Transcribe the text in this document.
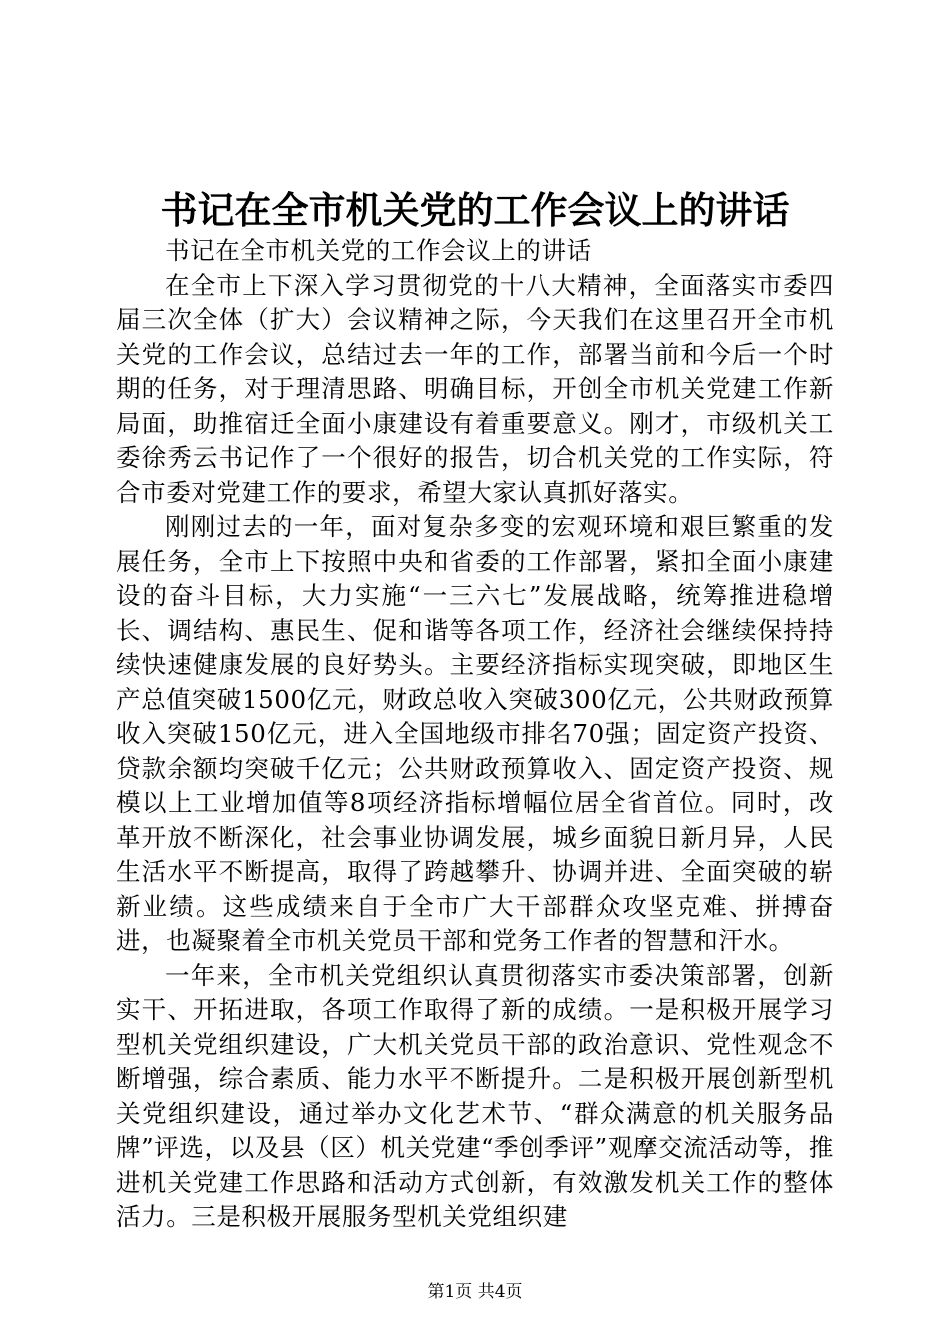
书记在全市机关党的工作会议上的讲话

书记在全市机关党的工作会议上的讲话

在全市上下深入学习贯彻党的十八大精神，全面落实市委四届三次全体（扩大）会议精神之际，今天我们在这里召开全市机关党的工作会议，总结过去一年的工作，部署当前和今后一个时期的任务，对于理清思路、明确目标，开创全市机关党建工作新局面，助推宿迁全面小康建设有着重要意义。刚才，市级机关工委徐秀云书记作了一个很好的报告，切合机关党的工作实际，符合市委对党建工作的要求，希望大家认真抓好落实。

刚刚过去的一年，面对复杂多变的宏观环境和艰巨繁重的发展任务，全市上下按照中央和省委的工作部署，紧扣全面小康建设的奋斗目标，大力实施“一三六七”发展战略，统筹推进稳增长、调结构、惠民生、促和谐等各项工作，经济社会继续保持持续快速健康发展的良好势头。主要经济指标实现突破，即地区生产总值突破1500亿元，财政总收入突破300亿元，公共财政预算收入突破150亿元，进入全国地级市排名70强；固定资产投资、贷款余额均突破千亿元；公共财政预算收入、固定资产投资、规模以上工业增加值等8项经济指标增幅位居全省首位。同时，改革开放不断深化，社会事业协调发展，城乡面貌日新月异，人民生活水平不断提高，取得了跨越攀升、协调并进、全面突破的崭新业绩。这些成绩来自于全市广大干部群众攻坚克难、拼搏奋进，也凝聚着全市机关党员干部和党务工作者的智慧和汗水。

一年来，全市机关党组织认真贯彻落实市委决策部署，创新实干、开拓进取，各项工作取得了新的成绩。一是积极开展学习型机关党组织建设，广大机关党员干部的政治意识、党性观念不断增强，综合素质、能力水平不断提升。二是积极开展创新型机关党组织建设，通过举办文化艺术节、“群众满意的机关服务品牌”评选，以及县（区）机关党建“季创季评”观摩交流活动等，推进机关党建工作思路和活动方式创新，有效激发机关工作的整体活力。三是积极开展服务型机关党组织建

第1页 共4页
